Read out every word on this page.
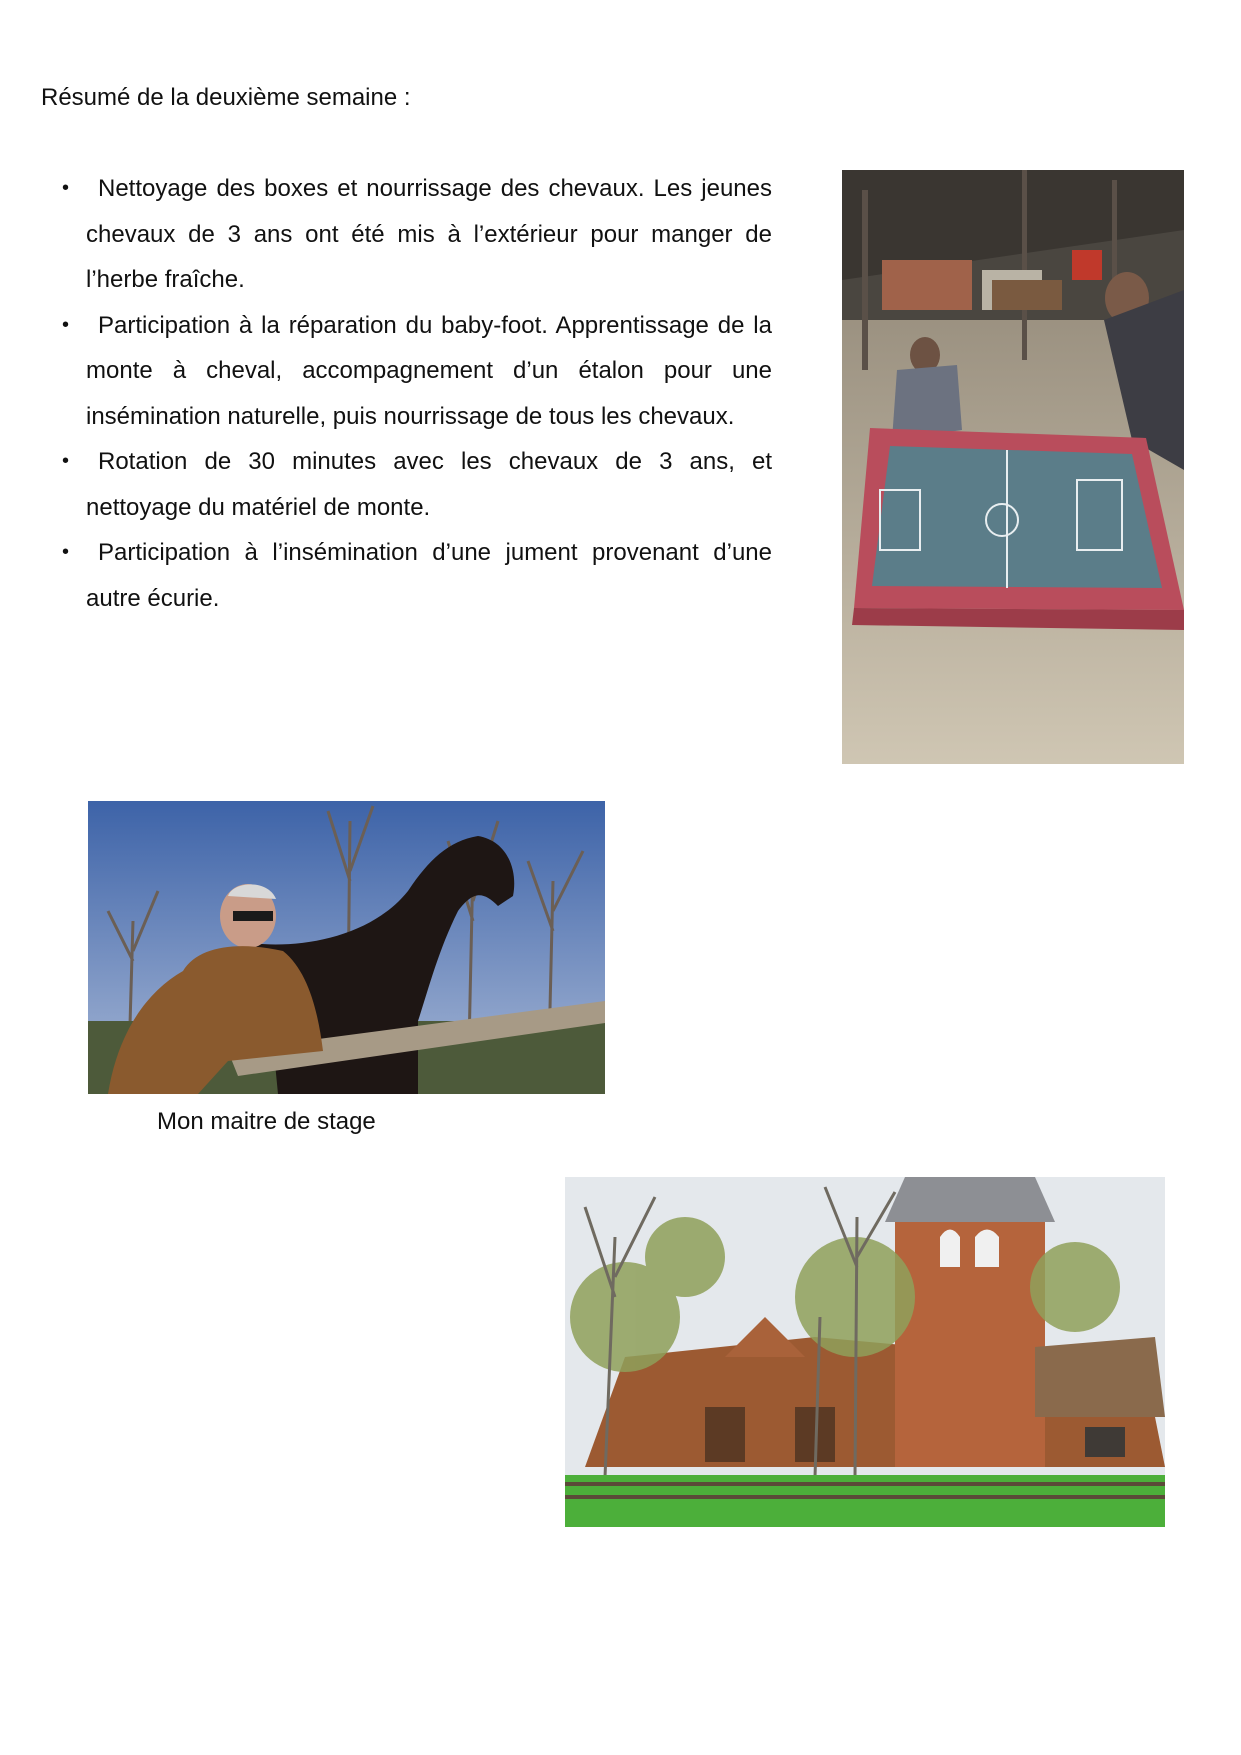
Résumé de la deuxième semaine :
• Nettoyage des boxes et nourrissage des chevaux. Les jeunes chevaux de 3 ans ont été mis à l’extérieur pour manger de l’herbe fraîche.
• Participation à la réparation du baby-foot. Apprentissage de la monte à cheval, accompagnement d’un étalon pour une insémination naturelle, puis nourrissage de tous les chevaux.
• Rotation de 30 minutes avec les chevaux de 3 ans, et nettoyage du matériel de monte.
• Participation à l’insémination d’une jument provenant d’une autre écurie.

Mon maitre de stage
